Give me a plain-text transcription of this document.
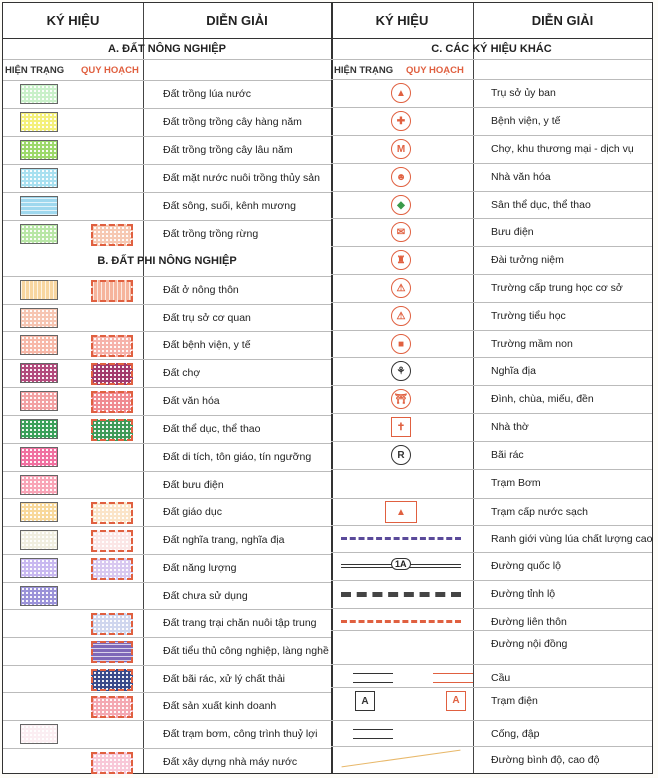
KÝ HIỆU	DIỄN GIẢI	KÝ HIỆU	DIỄN GIẢI
A. ĐẤT NÔNG NGHIỆP
HIỆN TRẠNG QUY HOẠCH
C. CÁC KÝ HIỆU KHÁC
HIỆN TRẠNG QUY HOẠCH
B. ĐẤT PHI NÔNG NGHIỆP
Đất trồng lúa nước
Đất trồng trồng cây hàng năm
Đất trồng trồng cây lâu năm
Đất mặt nước nuôi trồng thủy sản
Đất sông, suối, kênh mương
Đất trồng trồng rừng
Đất ở nông thôn
Đất trụ sở cơ quan
Đất bệnh viện, y tế
Đất chợ
Đất văn hóa
Đất thể dục, thể thao
Đất di tích, tôn giáo, tín ngưỡng
Đất bưu điện
Đất giáo dục
Đất nghĩa trang, nghĩa địa
Đất năng lượng
Đất chưa sử dụng
Đất trang trại chăn nuôi tập trung
Đất tiểu thủ công nghiệp, làng nghề
Đất bãi rác, xử lý chất thải
Đất sản xuất kinh doanh
Đất trạm bơm, công trình thuỷ lợi
Đất xây dựng nhà máy nước
▲	Trụ sở ủy ban
✚	Bệnh viện, y tế
M	Chợ, khu thương mại - dịch vụ
☻	Nhà văn hóa
◆	Sân thể dục, thể thao
✉	Bưu điện
♜	Đài tưởng niệm
⚠	Trường cấp trung học cơ sở
⚠	Trường tiểu học
■	Trường mầm non
⚘	Nghĩa địa
⛩	Đình, chùa, miếu, đền
✝	Nhà thờ
R	Bãi rác
Trạm Bơm
▲	Trạm cấp nước sạch
Ranh giới vùng lúa chất lượng cao
1A	Đường quốc lộ
Đường tỉnh lộ
Đường liên thôn
Đường nội đồng
Cầu
A	A	Trạm điện
Cống, đập
Đường bình độ, cao độ
